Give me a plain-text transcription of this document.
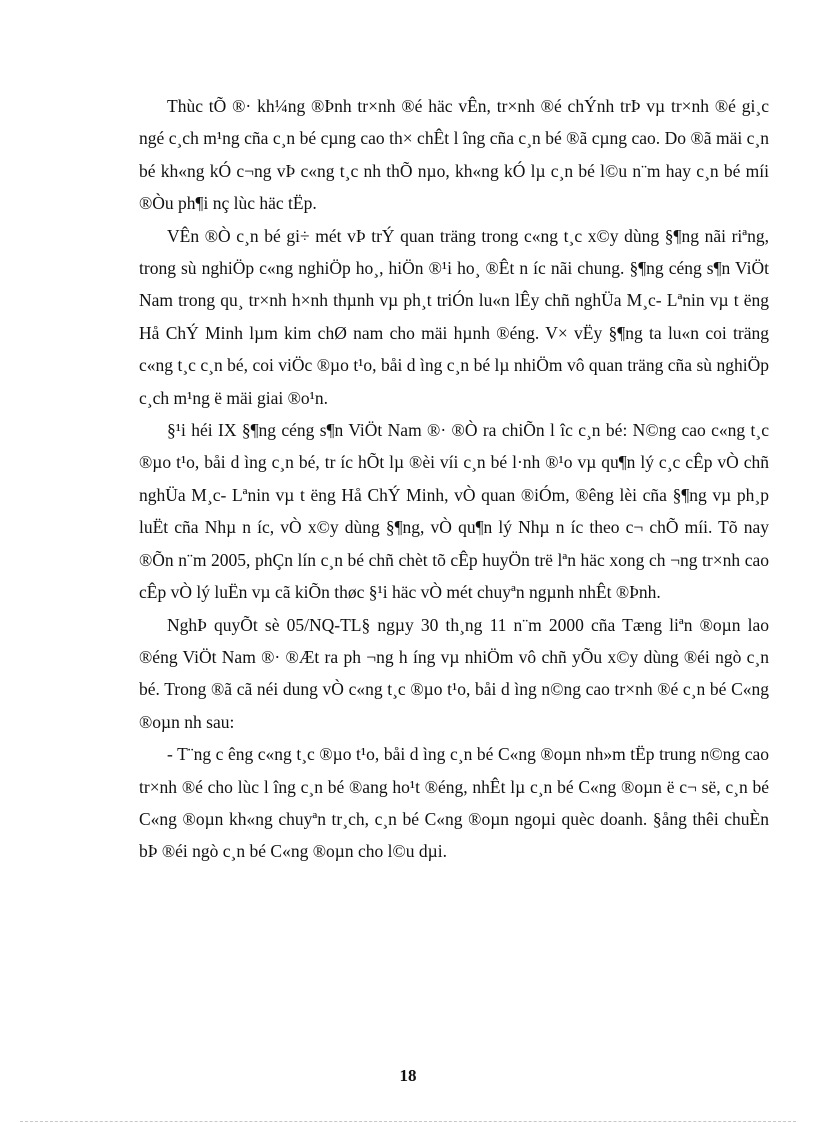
Thùc tÕ ®· kh¼ng ®Þnh tr×nh ®é häc vÊn, tr×nh ®é chÝnh trÞ vµ tr×nh ®é gi¸c ngé c¸ch m¹ng cña c¸n bé cµng cao th× chÊt l îng cña c¸n bé ®ã cµng cao. Do ®ã mäi c¸n bé kh«ng kÓ c¬ng vÞ c«ng t¸c nh thÕ nµo, kh«ng kÓ lµ c¸n bé l©u n¨m hay c¸n bé míi ®Òu ph¶i nç lùc häc tËp.

VÊn ®Ò c¸n bé gi÷ mét vÞ trÝ quan träng trong c«ng t¸c x©y dùng §¶ng nãi riªng, trong sù nghiÖp c«ng nghiÖp ho¸, hiÖn ®¹i ho¸ ®Êt n íc nãi chung. §¶ng céng s¶n ViÖt Nam trong qu¸ tr×nh h×nh thµnh vµ ph¸t triÓn lu«n lÊy chñ nghÜa M¸c- Lªnin vµ t ëng Hå ChÝ Minh lµm kim chØ nam cho mäi hµnh ®éng. V× vËy §¶ng ta lu«n coi träng c«ng t¸c c¸n bé, coi viÖc ®µo t¹o, båi d ìng c¸n bé lµ nhiÖm vô quan träng cña sù nghiÖp c¸ch m¹ng ë mäi giai ®o¹n.

§¹i héi IX §¶ng céng s¶n ViÖt Nam ®· ®Ò ra chiÕn l îc c¸n bé: N©ng cao c«ng t¸c ®µo t¹o, båi d ìng c¸n bé, tr íc hÕt lµ ®èi víi c¸n bé l·nh ®¹o vµ qu¶n lý c¸c cÊp vÒ chñ nghÜa M¸c- Lªnin vµ t ëng Hå ChÝ Minh, vÒ quan ®iÓm, ®êng lèi cña §¶ng vµ ph¸p luËt cña Nhµ n íc, vÒ x©y dùng §¶ng, vÒ qu¶n lý Nhµ n íc theo c¬ chÕ míi. Tõ nay ®Õn n¨m 2005, phÇn lín c¸n bé chñ chèt tõ cÊp huyÖn trë lªn häc xong ch ¬ng tr×nh cao cÊp vÒ lý luËn vµ cã kiÕn thøc §¹i häc vÒ mét chuyªn ngµnh nhÊt ®Þnh.

NghÞ quyÕt sè 05/NQ-TL§ ngµy 30 th¸ng 11 n¨m 2000 cña Tæng liªn ®oµn lao ®éng ViÖt Nam ®· ®Æt ra ph ¬ng h íng vµ nhiÖm vô chñ yÕu x©y dùng ®éi ngò c¸n bé. Trong ®ã cã néi dung vÒ c«ng t¸c ®µo t¹o, båi d ìng n©ng cao tr×nh ®é c¸n bé C«ng ®oµn nh sau:

- T¨ng c êng c«ng t¸c ®µo t¹o, båi d ìng c¸n bé C«ng ®oµn nh»m tËp trung n©ng cao tr×nh ®é cho lùc l îng c¸n bé ®ang ho¹t ®éng, nhÊt lµ c¸n bé C«ng ®oµn ë c¬ së, c¸n bé C«ng ®oµn kh«ng chuyªn tr¸ch, c¸n bé C«ng ®oµn ngoµi quèc doanh. §ång thêi chuÈn bÞ ®éi ngò c¸n bé C«ng ®oµn cho l©u dµi.

18
